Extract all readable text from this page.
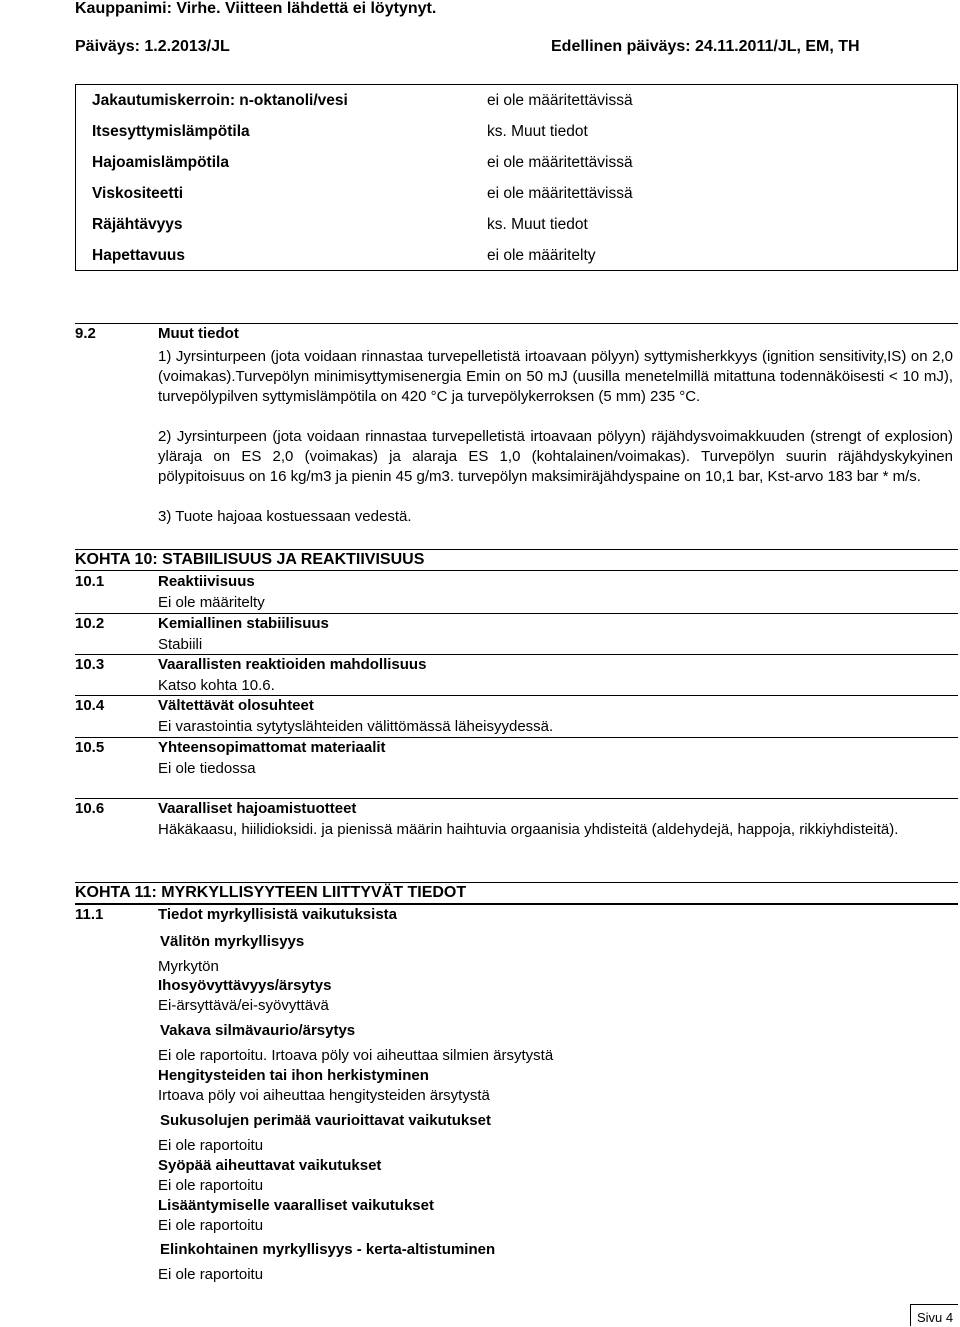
Kauppanimi: Virhe. Viitteen lähdettä ei löytynyt.
Päiväys: 1.2.2013/JL	Edellinen päiväys: 24.11.2011/JL, EM, TH
Jakautumiskerroin: n-oktanoli/vesi	ei ole määritettävissä
Itsesyttymislämpötila	ks. Muut tiedot
Hajoamislämpötila	ei ole määritettävissä
Viskositeetti	ei ole määritettävissä
Räjähtävyys	ks. Muut tiedot
Hapettavuus	ei ole määritelty
9.2	Muut tiedot
1) Jyrsinturpeen (jota voidaan rinnastaa turvepelletistä irtoavaan pölyyn) syttymisherkkyys (ignition sensitivity,IS) on 2,0 (voimakas).Turvepölyn minimisyttymisenergia Emin on 50 mJ (uusilla menetelmillä mitattuna todennäköisesti < 10 mJ), turvepölypilven syttymislämpötila on 420 °C ja turvepölykerroksen (5 mm) 235 °C.
2) Jyrsinturpeen (jota voidaan rinnastaa turvepelletistä irtoavaan pölyyn) räjähdysvoimakkuuden (strengt of explosion) yläraja on ES 2,0 (voimakas) ja alaraja ES 1,0 (kohtalainen/voimakas). Turvepölyn suurin räjähdyskykyinen pölypitoisuus on 16 kg/m3 ja pienin 45 g/m3. turvepölyn maksimiräjähdyspaine on 10,1 bar, Kst-arvo 183 bar * m/s.
3) Tuote hajoaa kostuessaan vedestä.
KOHTA 10: STABIILISUUS JA REAKTIIVISUUS
10.1	Reaktiivisuus
Ei ole määritelty
10.2	Kemiallinen stabiilisuus
Stabiili
10.3	Vaarallisten reaktioiden mahdollisuus
Katso kohta 10.6.
10.4	Vältettävät olosuhteet
Ei varastointia sytytyslähteiden välittömässä läheisyydessä.
10.5	Yhteensopimattomat materiaalit
Ei ole tiedossa
10.6	Vaaralliset hajoamistuotteet
Häkäkaasu, hiilidioksidi. ja pienissä määrin haihtuvia orgaanisia yhdisteitä (aldehydejä, happoja, rikkiyhdisteitä).
KOHTA 11: MYRKYLLISYYTEEN LIITTYVÄT TIEDOT
11.1	Tiedot myrkyllisistä vaikutuksista
Välitön myrkyllisyys
Myrkytön
Ihosyövyttävyys/ärsytys
Ei-ärsyttävä/ei-syövyttävä
Vakava silmävaurio/ärsytys
Ei ole raportoitu. Irtoava pöly voi aiheuttaa silmien ärsytystä
Hengitysteiden tai ihon herkistyminen
Irtoava pöly voi aiheuttaa hengitysteiden ärsytystä
Sukusolujen perimää vaurioittavat vaikutukset
Ei ole raportoitu
Syöpää aiheuttavat vaikutukset
Ei ole raportoitu
Lisääntymiselle vaaralliset vaikutukset
Ei ole raportoitu
Elinkohtainen myrkyllisyys - kerta-altistuminen
Ei ole raportoitu
Sivu 4
